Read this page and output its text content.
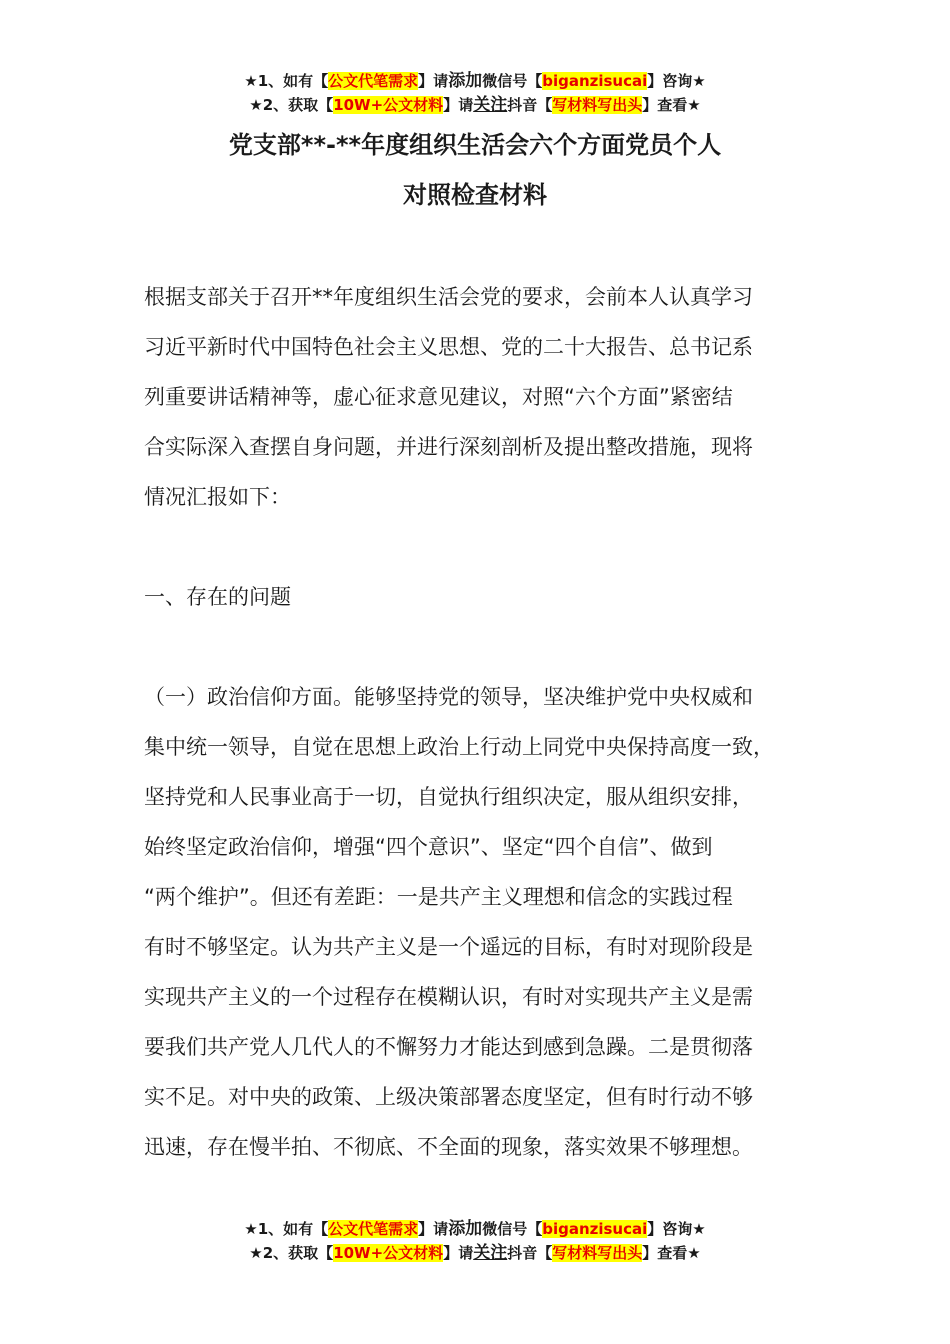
★1、如有【公文代笔需求】请添加微信号【biganzisucai】咨询★
★2、获取【10W+公文材料】请关注抖音【写材料写出头】查看★
党支部**-**年度组织生活会六个方面党员个人
对照检查材料
根据支部关于召开**年度组织生活会党的要求，会前本人认真学习
习近平新时代中国特色社会主义思想、党的二十大报告、总书记系
列重要讲话精神等，虚心征求意见建议，对照“六个方面”紧密结
合实际深入查摆自身问题，并进行深刻剖析及提出整改措施，现将
情况汇报如下：
一、存在的问题
（一）政治信仰方面。能够坚持党的领导，坚决维护党中央权威和
集中统一领导，自觉在思想上政治上行动上同党中央保持高度一致，
坚持党和人民事业高于一切，自觉执行组织决定，服从组织安排，
始终坚定政治信仰，增强“四个意识”、坚定“四个自信”、做到
“两个维护”。但还有差距：一是共产主义理想和信念的实践过程
有时不够坚定。认为共产主义是一个遥远的目标，有时对现阶段是
实现共产主义的一个过程存在模糊认识，有时对实现共产主义是需
要我们共产党人几代人的不懈努力才能达到感到急躁。二是贯彻落
实不足。对中央的政策、上级决策部署态度坚定，但有时行动不够
迅速，存在慢半拍、不彻底、不全面的现象，落实效果不够理想。
★1、如有【公文代笔需求】请添加微信号【biganzisucai】咨询★
★2、获取【10W+公文材料】请关注抖音【写材料写出头】查看★
